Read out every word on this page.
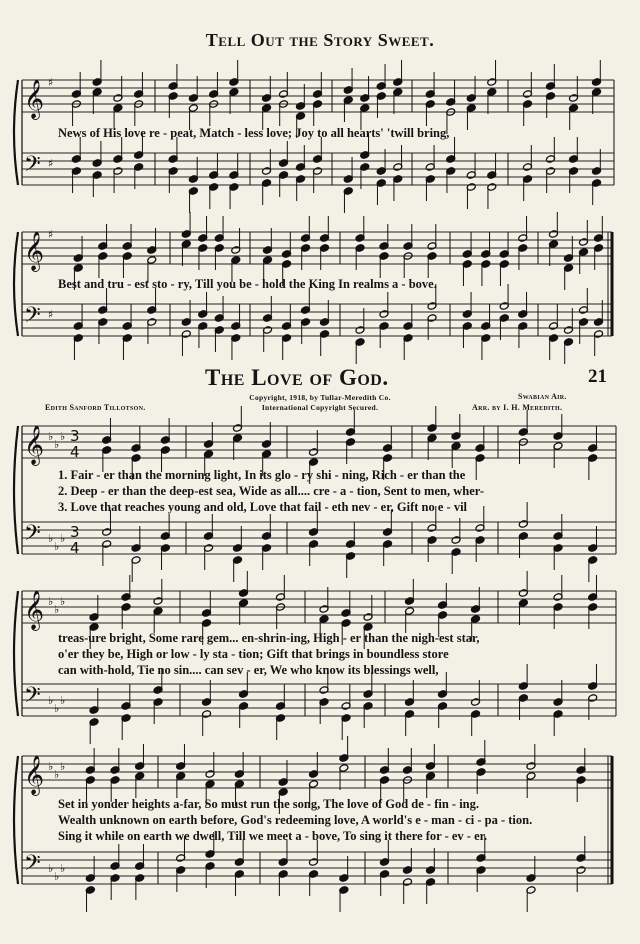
Tell Out the Story Sweet.
The Love of God.	21
Copyright, 1918, by Tullar-Meredith Co.
International Copyright Secured.
Edith Sanford Tillotson.
Swabian Air.
Arr. by I. H. Meredith.
𝄞
𝄢
♯
♯
𝄞
𝄢
♯
♯
𝄞
𝄢
♭
♭
♭
♭
♭
♭
3
4
3
4
𝄞
𝄢
♭
♭
♭
♭
♭
♭
𝄞
𝄢
♭
♭
♭
♭
♭
♭
News of His love re - peat, Match - less love; Joy to all hearts' 'twill bring,
Best and tru - est sto - ry, Till you be - hold the King In realms a - bove.
1. Fair - er than the morning light, In its glo - ry shi - ning, Rich - er than the
2. Deep - er than the deep-est sea, Wide as all.... cre - a - tion, Sent to men, wher-
3. Love that reaches young and old, Love that fail - eth nev - er, Gift no e - vil
treas-ure bright, Some rare gem... en-shrin-ing, High - er than the nigh-est star,
o'er they be, High or low - ly sta - tion; Gift that brings in boundless store
can with-hold, Tie no sin.... can sev - er, We who know its blessings well,
Set in yonder heights a-far, So must run the song, The love of God de - fin - ing.
Wealth unknown on earth before, God's redeeming love, A world's e - man - ci - pa - tion.
Sing it while on earth we dwell, Till we meet a - bove, To sing it there for - ev - er.
